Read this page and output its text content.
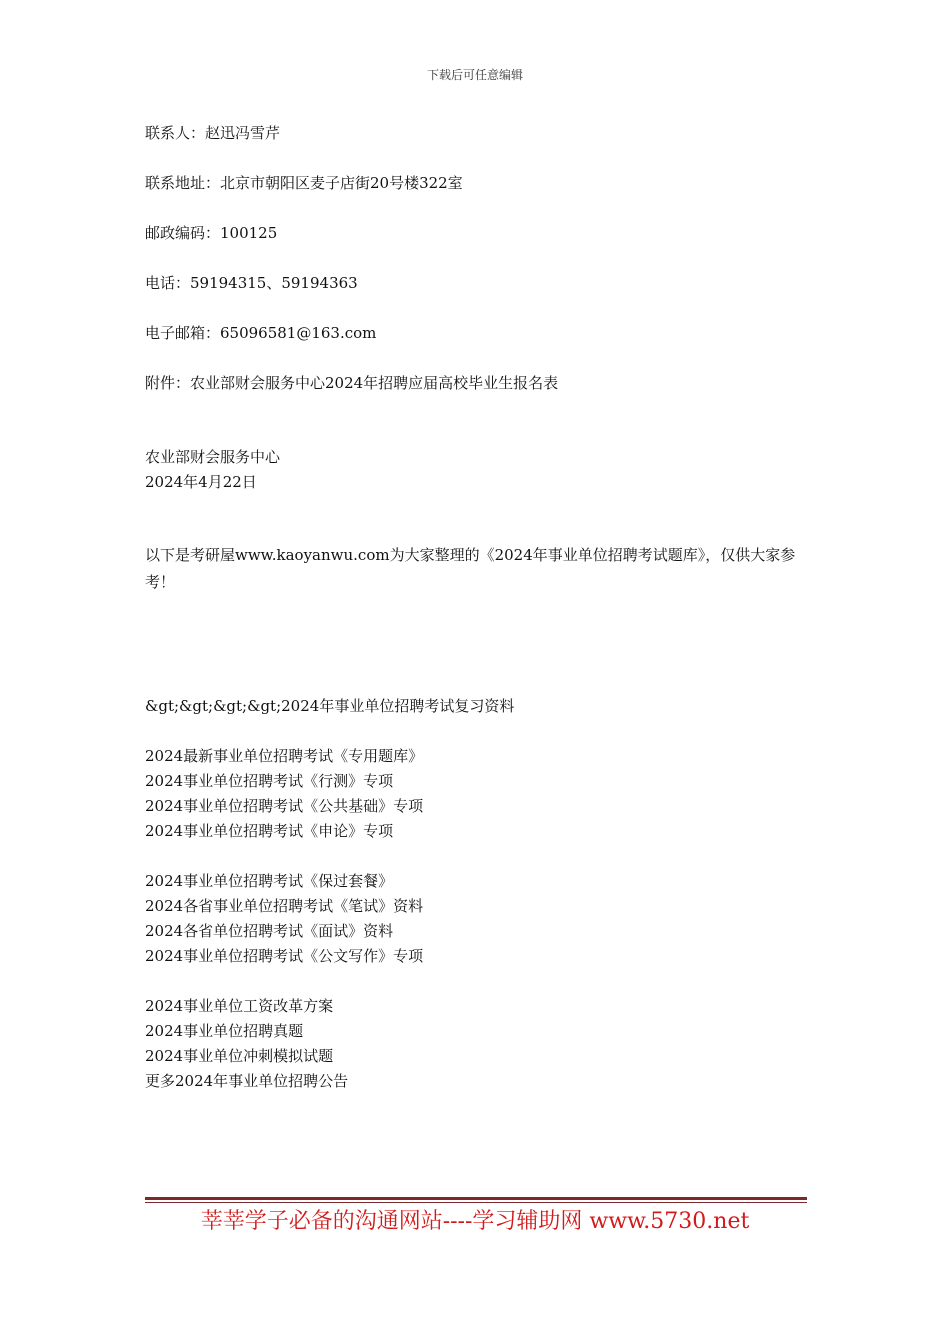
下载后可任意编辑
联系人：赵迅冯雪芹
联系地址：北京市朝阳区麦子店街20号楼322室
邮政编码：100125
电话：59194315、59194363
电子邮箱：65096581@163.com
附件：农业部财会服务中心2024年招聘应届高校毕业生报名表
农业部财会服务中心
2024年4月22日
以下是考研屋www.kaoyanwu.com为大家整理的《2024年事业单位招聘考试题库》，仅供大家参考！
&gt;&gt;&gt;&gt;2024年事业单位招聘考试复习资料
2024最新事业单位招聘考试《专用题库》
2024事业单位招聘考试《行测》专项
2024事业单位招聘考试《公共基础》专项
2024事业单位招聘考试《申论》专项
2024事业单位招聘考试《保过套餐》
2024各省事业单位招聘考试《笔试》资料
2024各省单位招聘考试《面试》资料
2024事业单位招聘考试《公文写作》专项
2024事业单位工资改革方案
2024事业单位招聘真题
2024事业单位冲刺模拟试题
更多2024年事业单位招聘公告
莘莘学子必备的沟通网站----学习辅助网 www.5730.net
